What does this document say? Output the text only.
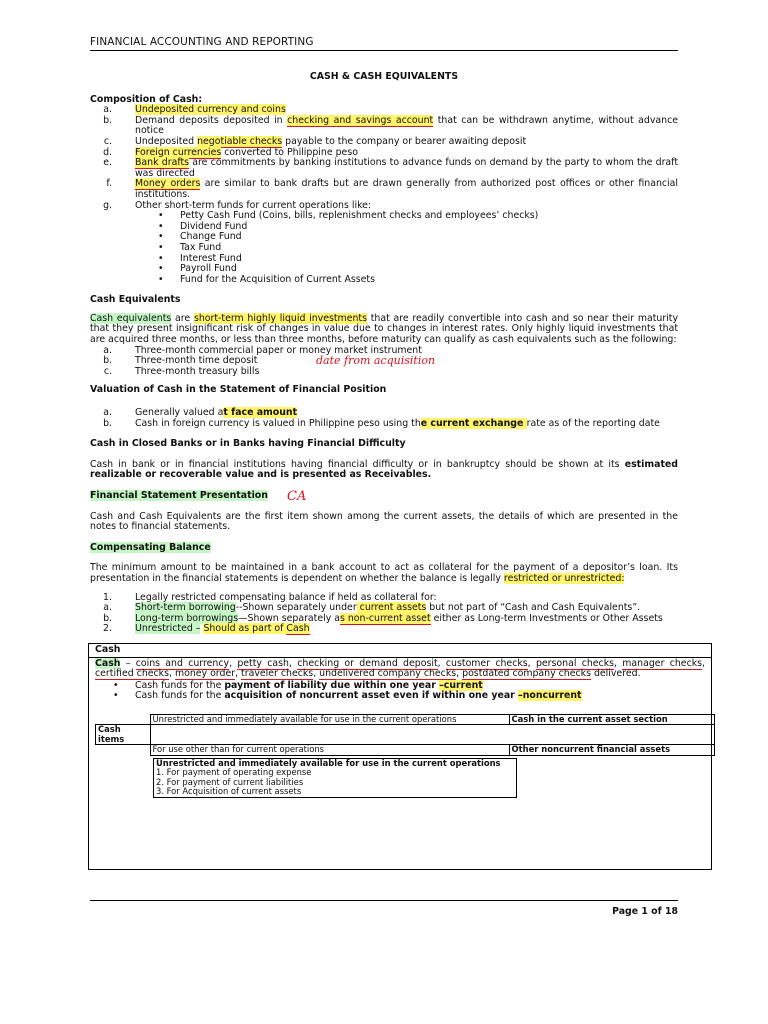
FINANCIAL ACCOUNTING AND REPORTING
CASH & CASH EQUIVALENTS
Composition of Cash:
a.	Undeposited currency and coins
b.	Demand deposits deposited in checking and savings account that can be withdrawn anytime, without advance notice
c.	Undeposited negotiable checks payable to the company or bearer awaiting deposit
d.	Foreign currencies converted to Philippine peso
e.	Bank drafts are commitments by banking institutions to advance funds on demand by the party to whom the draft was directed
f.	Money orders are similar to bank drafts but are drawn generally from authorized post offices or other financial institutions.
g.	Other short-term funds for current operations like:
• Petty Cash Fund (Coins, bills, replenishment checks and employees’ checks)
• Dividend Fund
• Change Fund
• Tax Fund
• Interest Fund
• Payroll Fund
• Fund for the Acquisition of Current Assets
Cash Equivalents
Cash equivalents are short-term highly liquid investments that are readily convertible into cash and so near their maturity that they present insignificant risk of changes in value due to changes in interest rates. Only highly liquid investments that are acquired three months, or less than three months, before maturity can qualify as cash equivalents such as the following:
a.	Three-month commercial paper or money market instrument
b.	Three-month time deposit
c.	Three-month treasury bills
Valuation of Cash in the Statement of Financial Position
a.	Generally valued at face amount
b.	Cash in foreign currency is valued in Philippine peso using the current exchange rate as of the reporting date
Cash in Closed Banks or in Banks having Financial Difficulty
Cash in bank or in financial institutions having financial difficulty or in bankruptcy should be shown at its estimated realizable or recoverable value and is presented as Receivables.
Financial Statement Presentation
Cash and Cash Equivalents are the first item shown among the current assets, the details of which are presented in the notes to financial statements.
Compensating Balance
The minimum amount to be maintained in a bank account to act as collateral for the payment of a depositor’s loan. Its presentation in the financial statements is dependent on whether the balance is legally restricted or unrestricted:
1.	Legally restricted compensating balance if held as collateral for:
a.	Short-term borrowing--Shown separately under current assets but not part of “Cash and Cash Equivalents”.
b.	Long-term borrowings—Shown separately as non-current asset either as Long-term Investments or Other Assets
2.	Unrestricted – Should as part of Cash
Cash
Cash – coins and currency, petty cash, checking or demand deposit, customer checks, personal checks, manager checks, certified checks, money order, traveler checks, undelivered company checks, postdated company checks delivered.
• Cash funds for the payment of liability due within one year –current
• Cash funds for the acquisition of noncurrent asset even if within one year –noncurrent
	Unrestricted and immediately available for use in the current operations	Cash in the current asset section
Cash items		
	For use other than for current operations	Other noncurrent financial assets
Unrestricted and immediately available for use in the current operations
1. For payment of operating expense
2. For payment of current liabilities
3. For Acquisition of current assets
date from acquisition
CA
Page 1 of 18
